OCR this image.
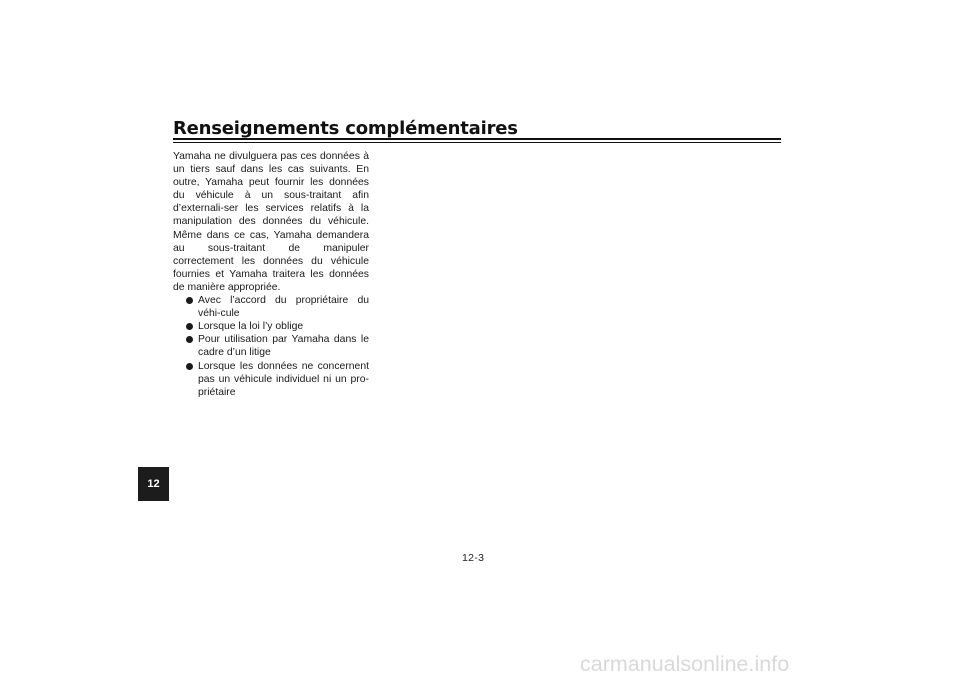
Renseignements complémentaires

Yamaha ne divulguera pas ces données à un tiers sauf dans les cas suivants. En outre, Yamaha peut fournir les données du véhicule à un sous-traitant afin d’externali-ser les services relatifs à la manipulation des données du véhicule. Même dans ce cas, Yamaha demandera au sous-traitant de manipuler correctement les données du véhicule fournies et Yamaha traitera les données de manière appropriée.

Avec l’accord du propriétaire du véhi-cule
Lorsque la loi l’y oblige
Pour utilisation par Yamaha dans le cadre d’un litige
Lorsque les données ne concernent pas un véhicule individuel ni un pro-priétaire
12
12-3
carmanualsonline.info
